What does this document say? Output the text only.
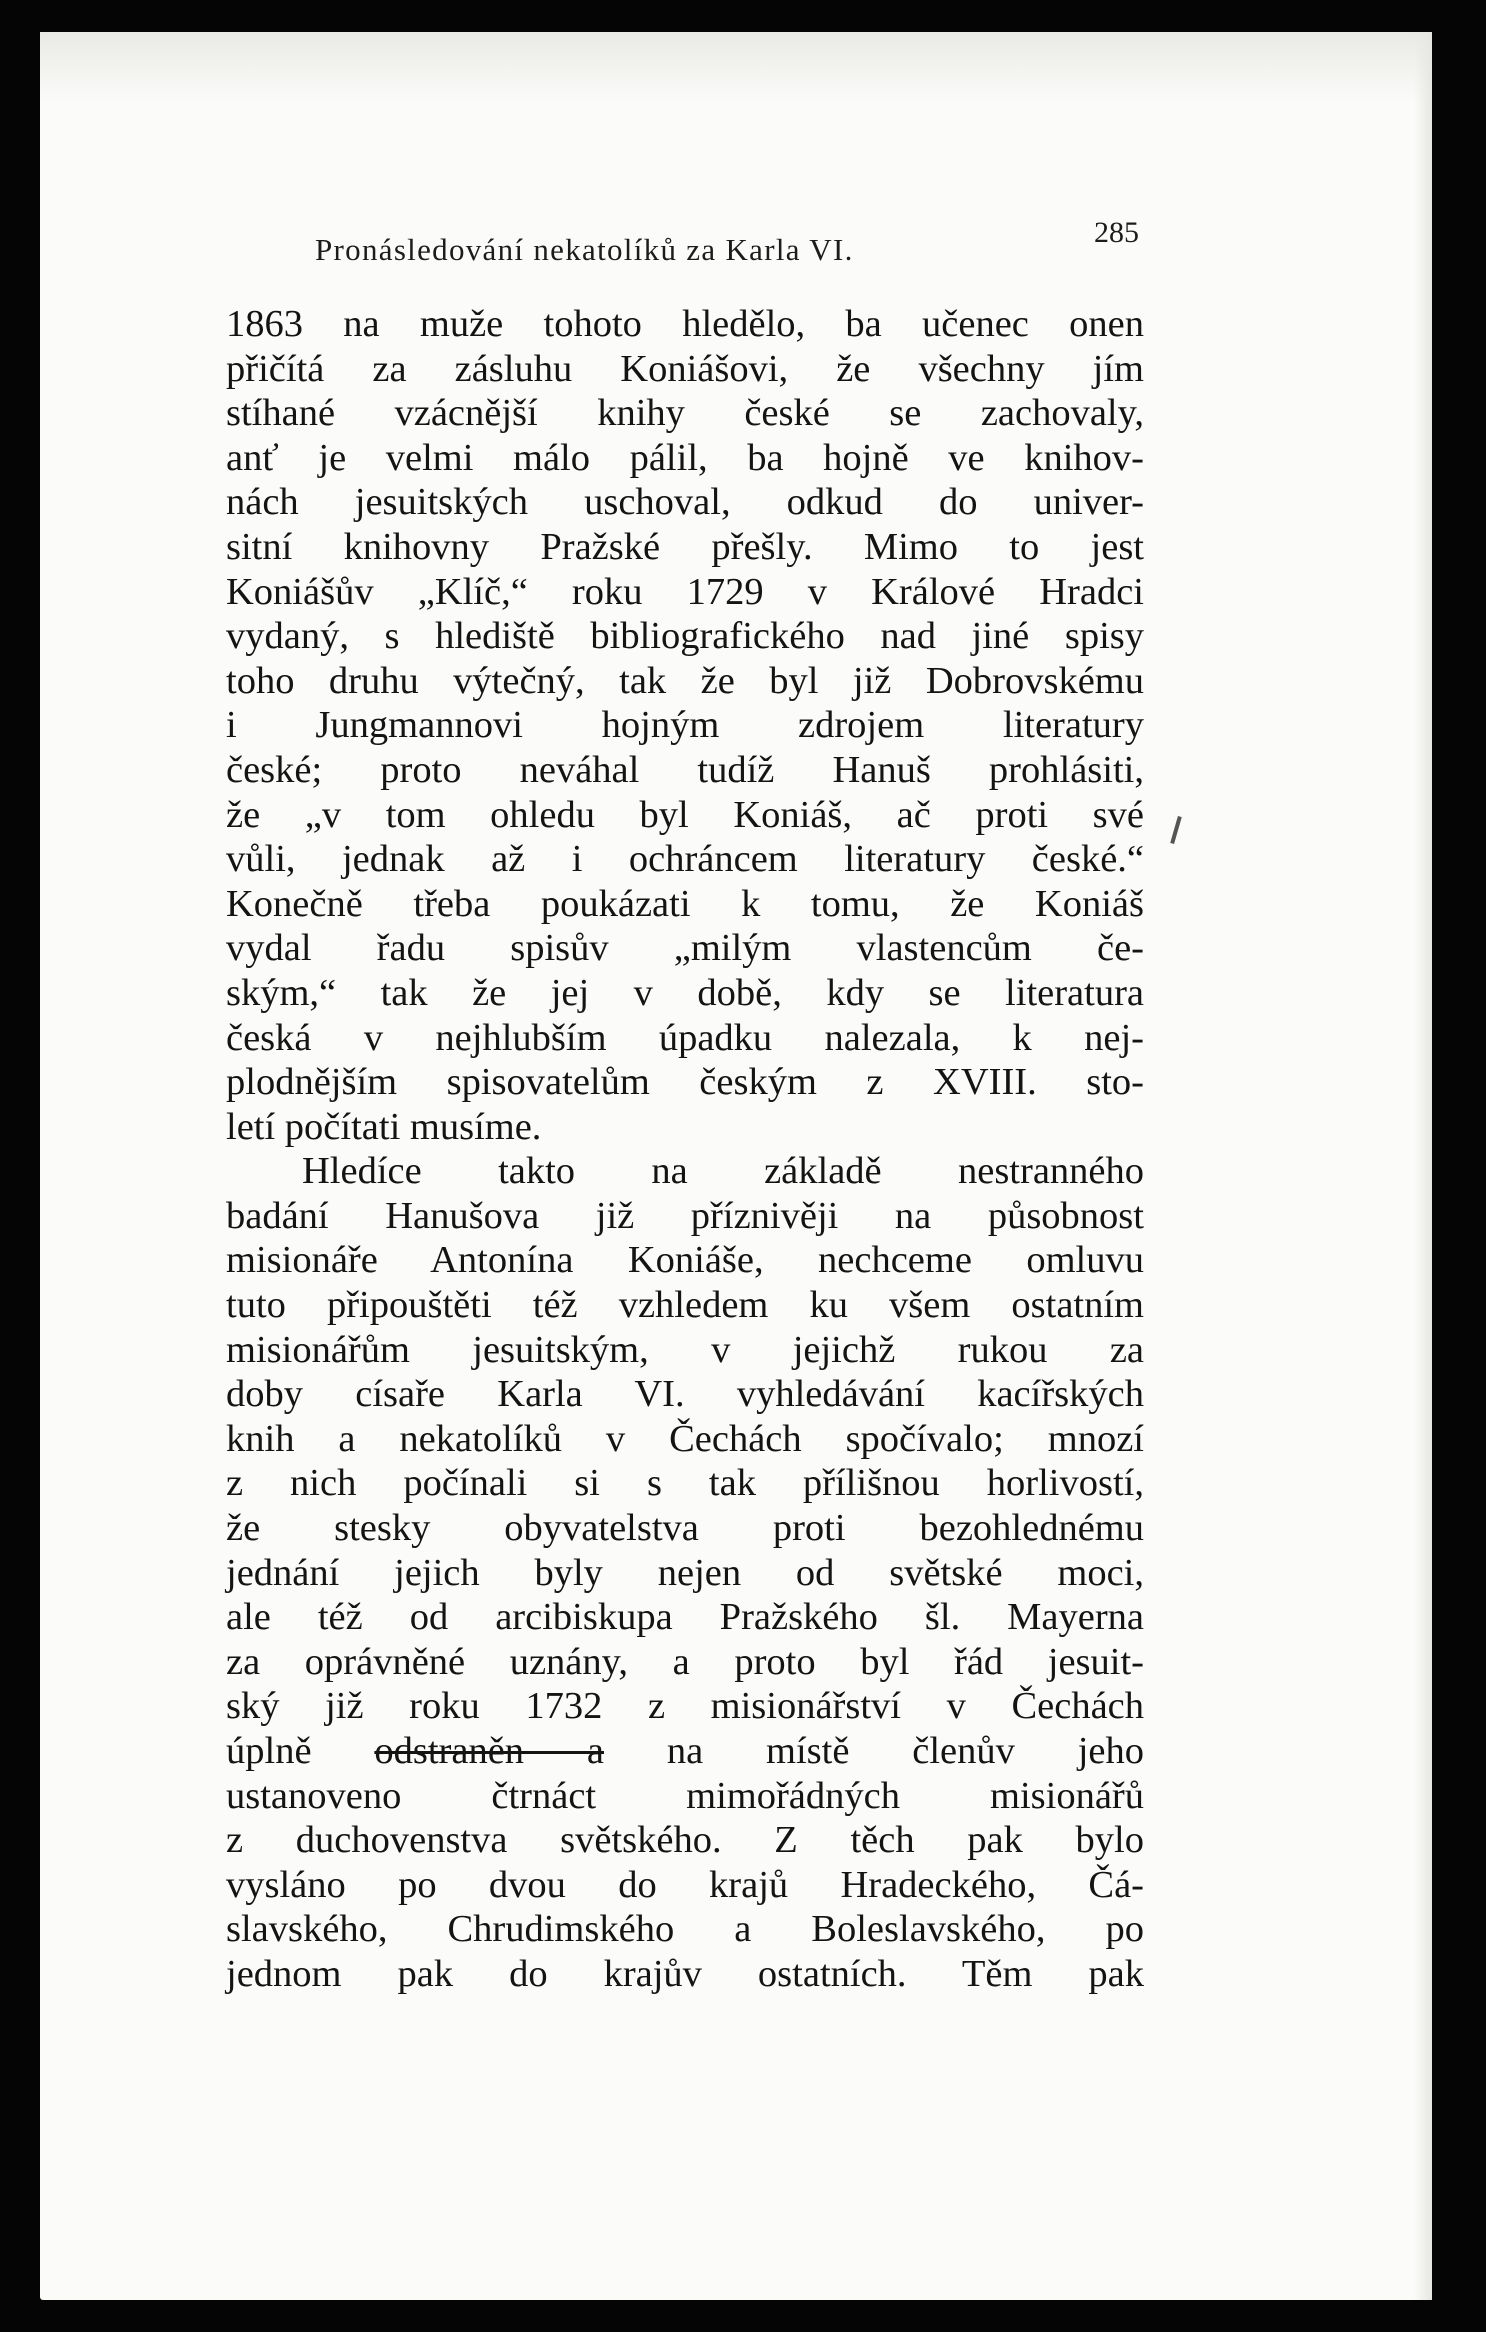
Pronásledování nekatolíků za Karla VI.	285
1863 na muže tohoto hledělo, ba učenec onen
přičítá za zásluhu Koniášovi, že všechny jím
stíhané vzácnější knihy české se zachovaly,
anť je velmi málo pálil, ba hojně ve knihov-
nách jesuitských uschoval, odkud do univer-
sitní knihovny Pražské přešly. Mimo to jest
Koniášův „Klíč,“ roku 1729 v Králové Hradci
vydaný, s hlediště bibliografického nad jiné spisy
toho druhu výtečný, tak že byl již Dobrovskému
i Jungmannovi hojným zdrojem literatury
české; proto neváhal tudíž Hanuš prohlásiti,
že „v tom ohledu byl Koniáš, ač proti své
vůli, jednak až i ochráncem literatury české.“
Konečně třeba poukázati k tomu, že Koniáš
vydal řadu spisův „milým vlastencům če-
ským,“ tak že jej v době, kdy se literatura
česká v nejhlubším úpadku nalezala, k nej-
plodnějším spisovatelům českým z XVIII. sto-
letí počítati musíme.
Hledíce takto na základě nestranného
badání Hanušova již příznivěji na působnost
misionáře Antonína Koniáše, nechceme omluvu
tuto připouštěti též vzhledem ku všem ostatním
misionářům jesuitským, v jejichž rukou za
doby císaře Karla VI. vyhledávání kacířských
knih a nekatolíků v Čechách spočívalo; mnozí
z nich počínali si s tak přílišnou horlivostí,
že stesky obyvatelstva proti bezohlednému
jednání jejich byly nejen od světské moci,
ale též od arcibiskupa Pražského šl. Mayerna
za oprávněné uznány, a proto byl řád jesuit-
ský již roku 1732 z misionářství v Čechách
úplně odstraněn a na místě členův jeho
ustanoveno čtrnáct mimořádných misionářů
z duchovenstva světského. Z těch pak bylo
vysláno po dvou do krajů Hradeckého, Čá-
slavského, Chrudimského a Boleslavského, po
jednom pak do krajův ostatních. Těm pak
